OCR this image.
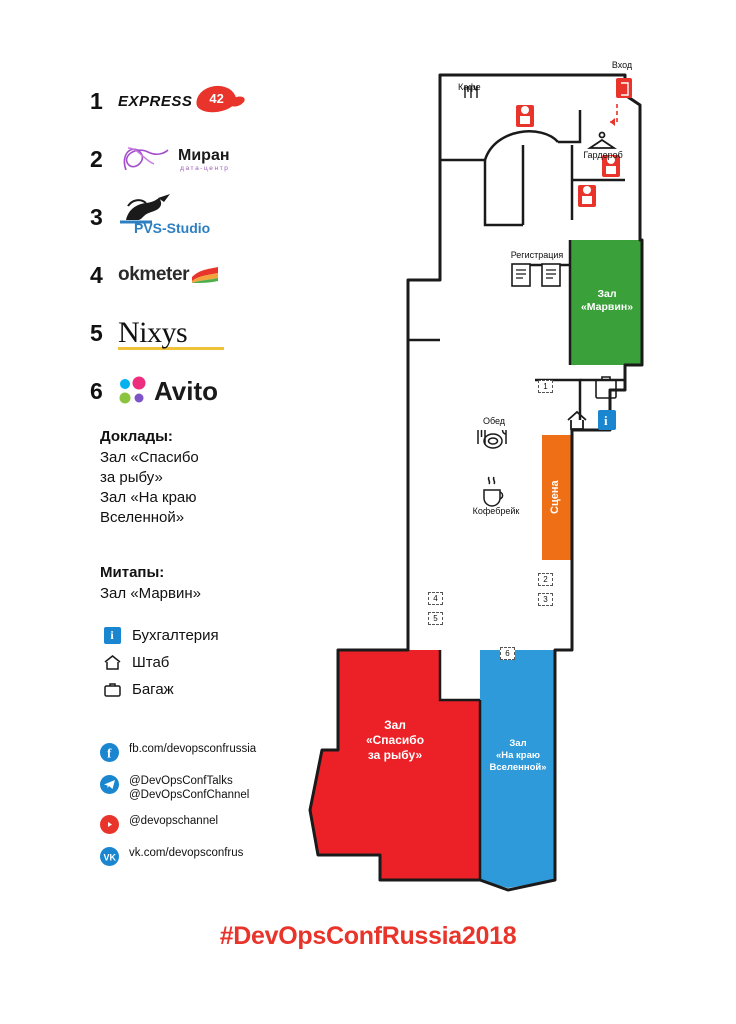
1	EXPRESS 42
2	Миран
дата-центр
3	PVS-Studio
4 okmeter
5 Nixys
6	Avito
Доклады:
Зал «Спасибо
за рыбу»
Зал «На краю
Вселенной»
Митапы:
Зал «Марвин»
i	Бухгалтерия
Штаб
Багаж
f fb.com/devopsconfrussia
@DevOpsConfTalks
@DevOpsConfChannel
@devopschannel
VK vk.com/devopsconfrus
i
Кафе
Вход
Гардероб
Регистрация
Обед
Кофебрейк	Сцена
Зал
«Марвин»
Зал
«Спасибо
за рыбу»
Зал
«На краю
Вселенной»
1
2
3
4
5
6
#DevOpsConfRussia2018
